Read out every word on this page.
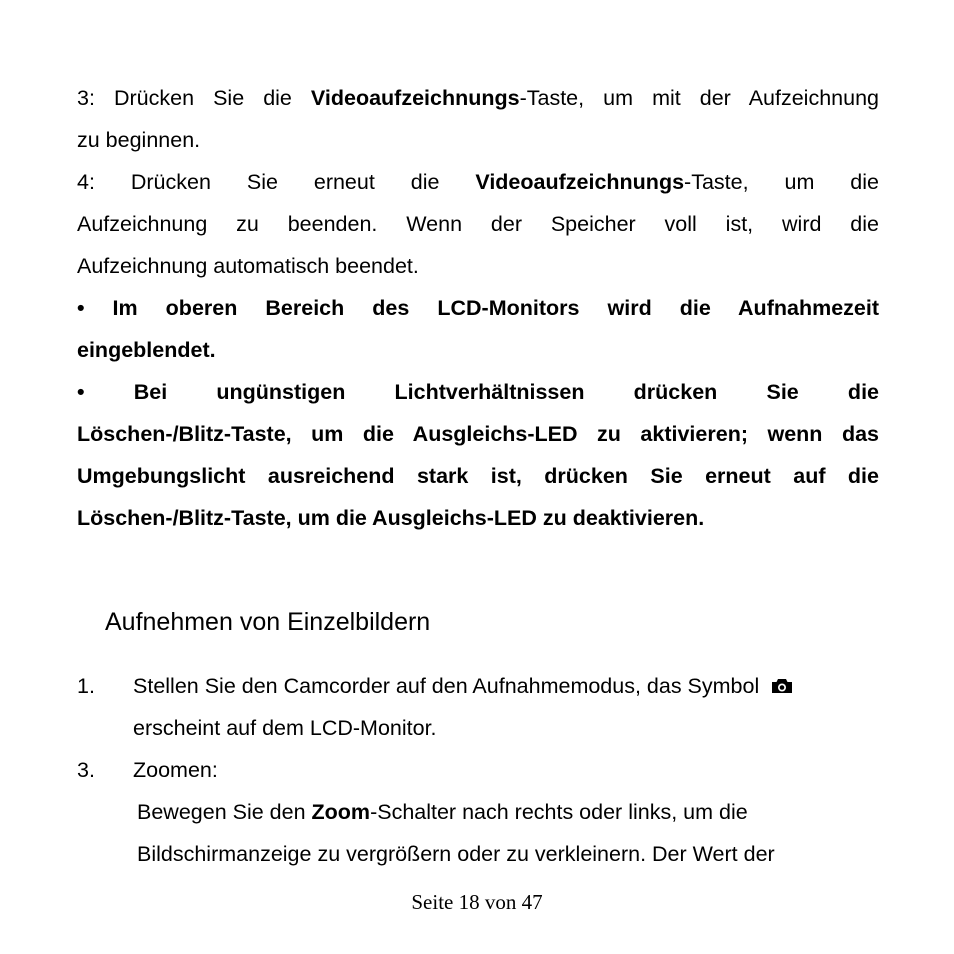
3: Drücken Sie die Videoaufzeichnungs-Taste, um mit der Aufzeichnung
zu beginnen.
4: Drücken Sie erneut die Videoaufzeichnungs-Taste, um die
Aufzeichnung zu beenden. Wenn der Speicher voll ist, wird die
Aufzeichnung automatisch beendet.
• Im oberen Bereich des LCD-Monitors wird die Aufnahmezeit
eingeblendet.
• Bei ungünstigen Lichtverhältnissen drücken Sie die
Löschen-/Blitz-Taste, um die Ausgleichs-LED zu aktivieren; wenn das
Umgebungslicht ausreichend stark ist, drücken Sie erneut auf die
Löschen-/Blitz-Taste, um die Ausgleichs-LED zu deaktivieren.
Aufnehmen von Einzelbildern
1. Stellen Sie den Camcorder auf den Aufnahmemodus, das Symbol
erscheint auf dem LCD-Monitor.
3. Zoomen:
Bewegen Sie den Zoom-Schalter nach rechts oder links, um die
Bildschirmanzeige zu vergrößern oder zu verkleinern. Der Wert der
Seite 18 von 47
